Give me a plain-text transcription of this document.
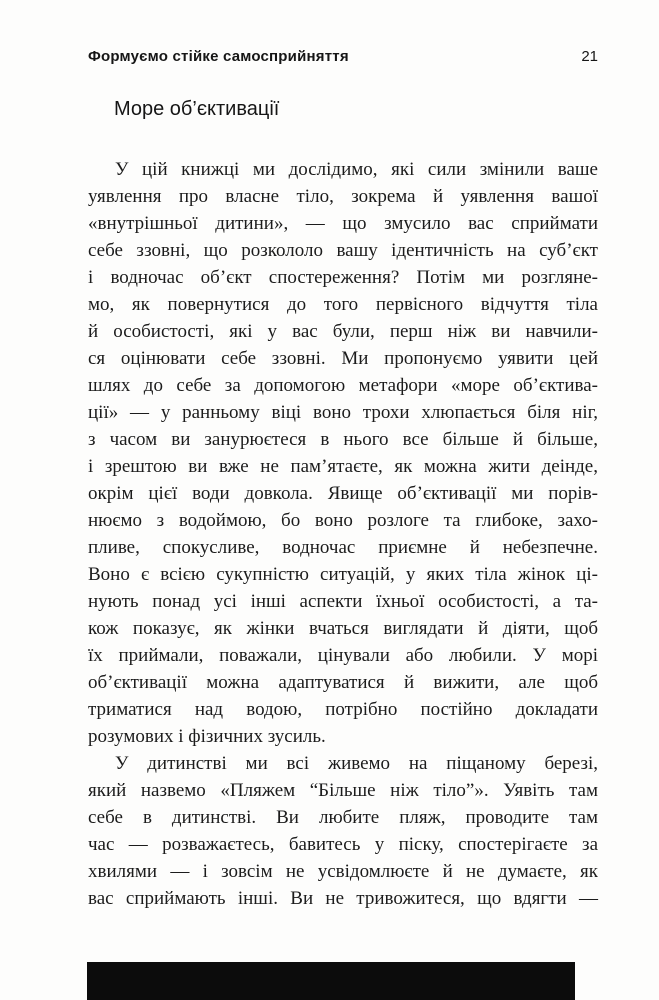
Формуємо стійке самосприйняття	21
Море об’єктивації
У цій книжці ми дослідимо, які сили змінили ваше
уявлення про власне тіло, зокрема й уявлення вашої
«внутрішньої дитини», — що змусило вас сприймати
себе ззовні, що розкололо вашу ідентичність на суб’єкт
і водночас об’єкт спостереження? Потім ми розгляне-
мо, як повернутися до того первісного відчуття тіла
й особистості, які у вас були, перш ніж ви навчили-
ся оцінювати себе ззовні. Ми пропонуємо уявити цей
шлях до себе за допомогою метафори «море об’єктива-
ції» — у ранньому віці воно трохи хлюпається біля ніг,
з часом ви занурюєтеся в нього все більше й більше,
і зрештою ви вже не пам’ятаєте, як можна жити деінде,
окрім цієї води довкола. Явище об’єктивації ми порів-
нюємо з водоймою, бо воно розлоге та глибоке, захо-
пливе, спокусливе, водночас приємне й небезпечне.
Воно є всією сукупністю ситуацій, у яких тіла жінок ці-
нують понад усі інші аспекти їхньої особистості, а та-
кож показує, як жінки вчаться виглядати й діяти, щоб
їх приймали, поважали, цінували або любили. У морі
об’єктивації можна адаптуватися й вижити, але щоб
триматися над водою, потрібно постійно докладати
розумових і фізичних зусиль.
У дитинстві ми всі живемо на піщаному березі,
який назвемо «Пляжем “Більше ніж тіло”». Уявіть там
себе в дитинстві. Ви любите пляж, проводите там
час — розважаєтесь, бавитесь у піску, спостерігаєте за
хвилями — і зовсім не усвідомлюєте й не думаєте, як
вас сприймають інші. Ви не тривожитеся, що вдягти —
